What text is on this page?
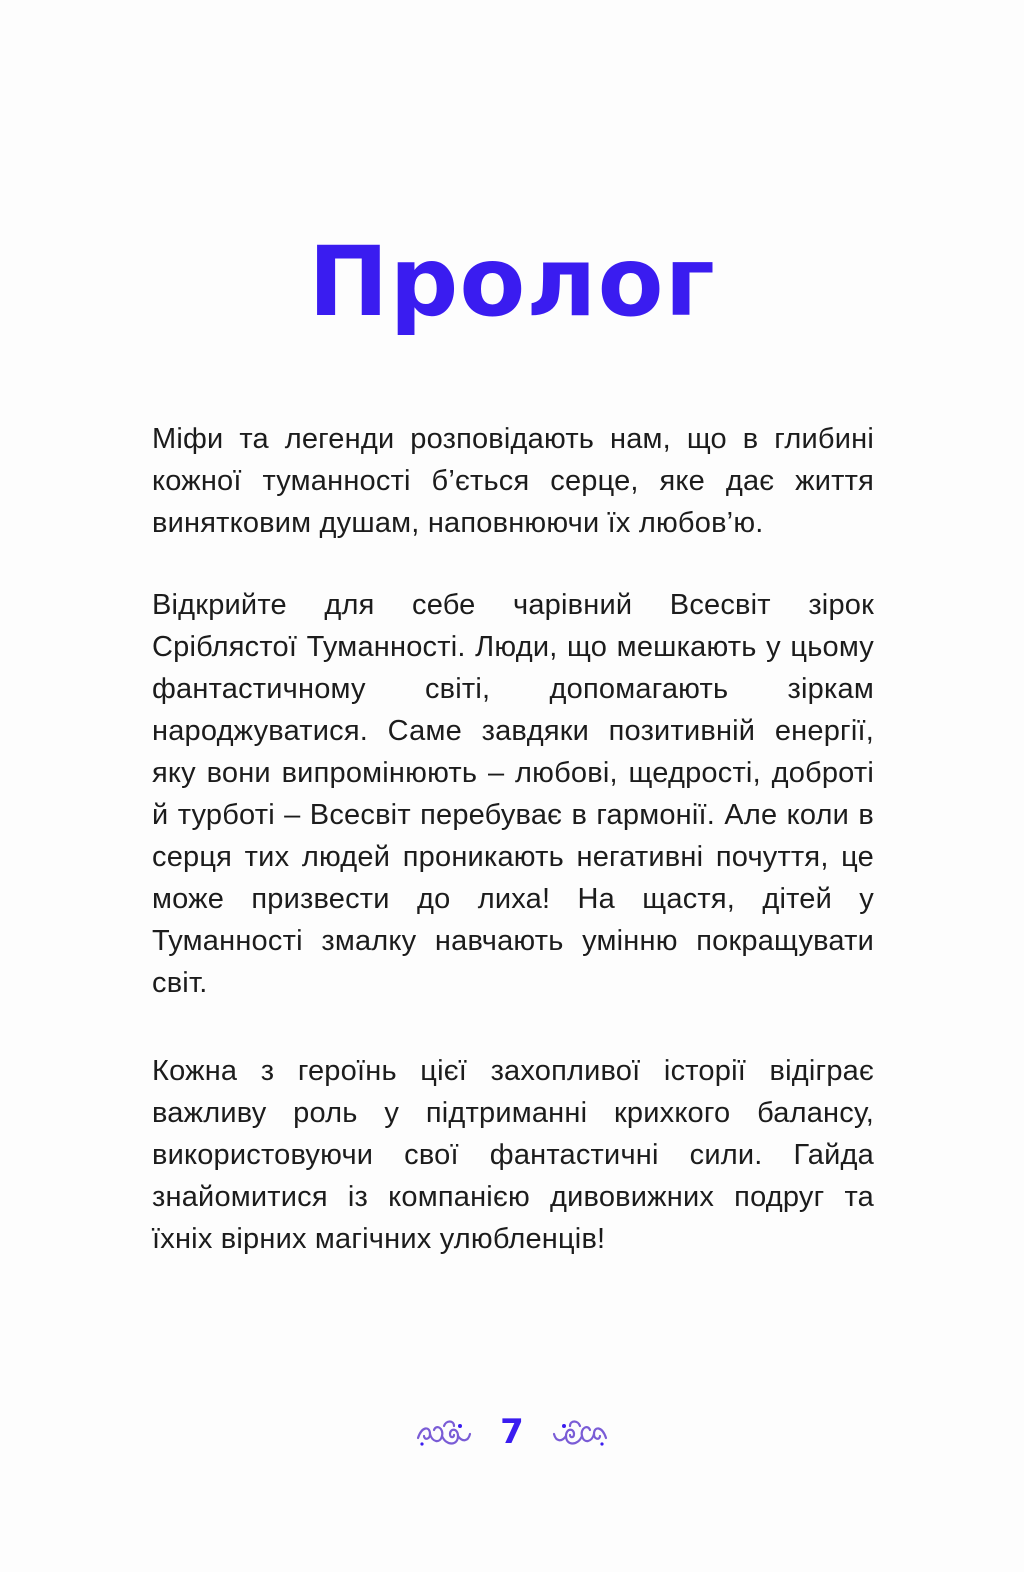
Пролог

Міфи та легенди розповідають нам, що в глибині кожної туманності б’ється серце, яке дає життя винятковим душам, наповнюючи їх любов’ю.

Відкрийте для себе чарівний Всесвіт зірок Сріблястої Туманності. Люди, що мешкають у цьому фантастичному світі, допомагають зіркам народжуватися. Саме завдяки позитивній енергії, яку вони випромінюють – любові, щедрості, доброті й турботі – Всесвіт перебуває в гармонії. Але коли в серця тих людей проникають негативні почуття, це може призвести до лиха! На щастя, дітей у Туманності змалку навчають умінню покращувати світ.

Кожна з героїнь цієї захопливої історії відіграє важливу роль у підтриманні крихкого балансу, використовуючи свої фантастичні сили. Гайда знайомитися із компанією дивовижних подруг та їхніх вірних магічних улюбленців!

7
